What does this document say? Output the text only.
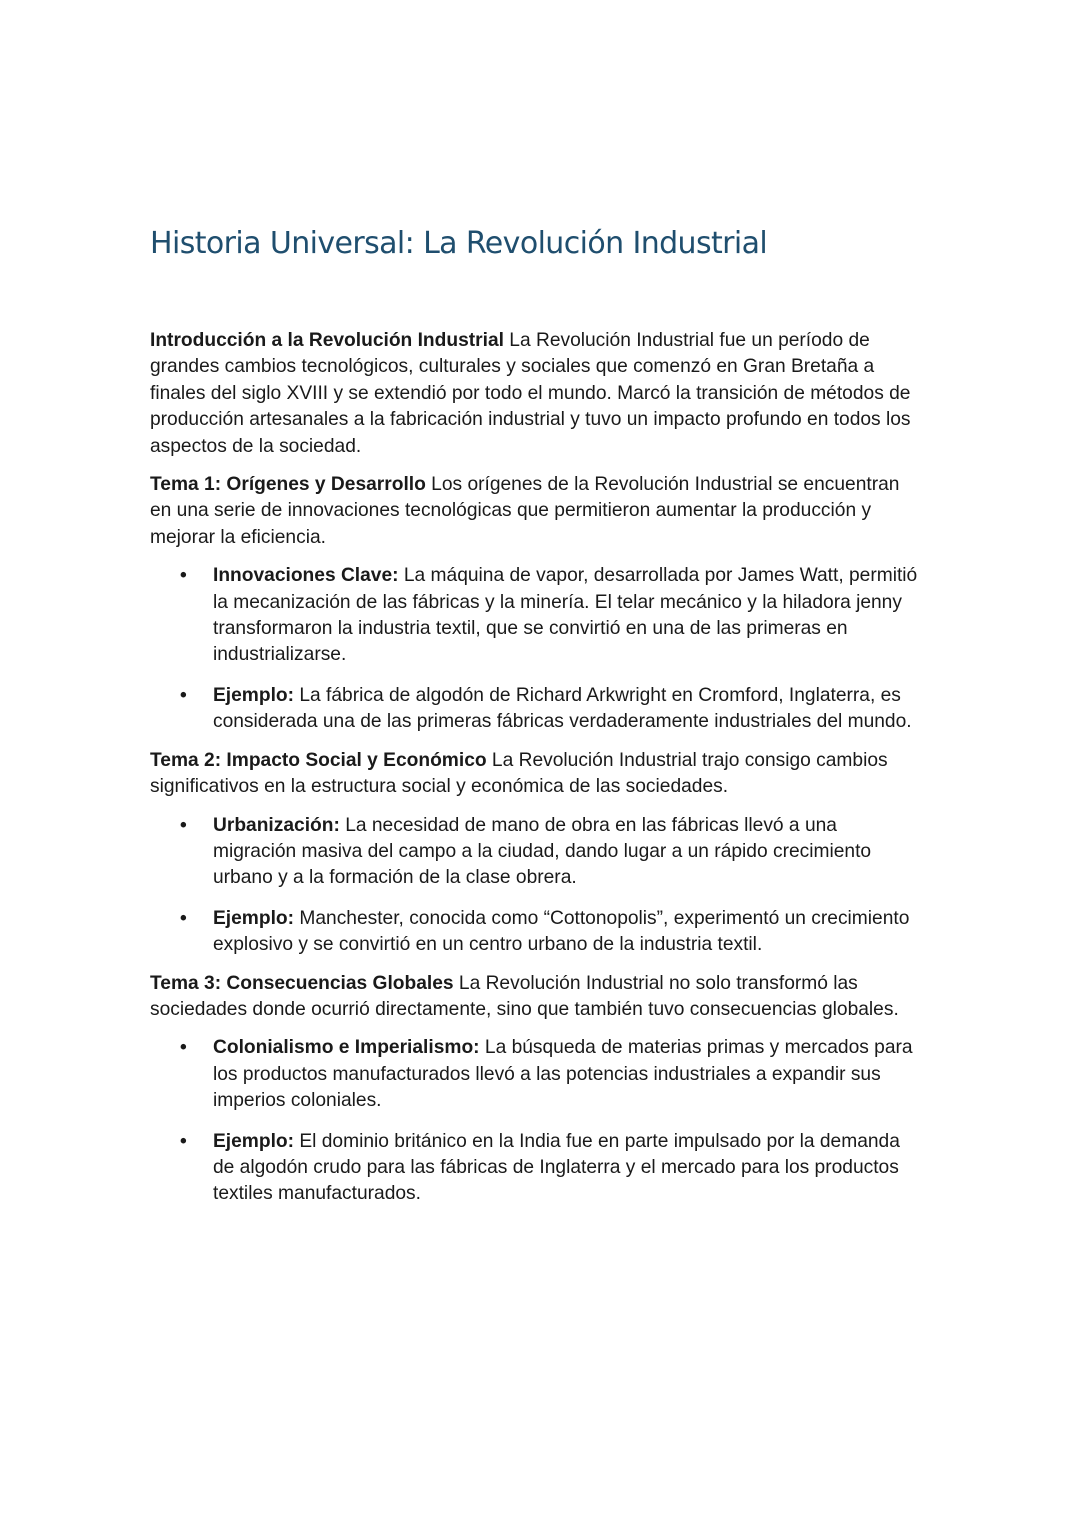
Historia Universal: La Revolución Industrial

Introducción a la Revolución Industrial La Revolución Industrial fue un período de grandes cambios tecnológicos, culturales y sociales que comenzó en Gran Bretaña a finales del siglo XVIII y se extendió por todo el mundo. Marcó la transición de métodos de producción artesanales a la fabricación industrial y tuvo un impacto profundo en todos los aspectos de la sociedad.

Tema 1: Orígenes y Desarrollo Los orígenes de la Revolución Industrial se encuentran en una serie de innovaciones tecnológicas que permitieron aumentar la producción y mejorar la eficiencia.

• Innovaciones Clave: La máquina de vapor, desarrollada por James Watt, permitió la mecanización de las fábricas y la minería. El telar mecánico y la hiladora jenny transformaron la industria textil, que se convirtió en una de las primeras en industrializarse.
• Ejemplo: La fábrica de algodón de Richard Arkwright en Cromford, Inglaterra, es considerada una de las primeras fábricas verdaderamente industriales del mundo.

Tema 2: Impacto Social y Económico La Revolución Industrial trajo consigo cambios significativos en la estructura social y económica de las sociedades.

• Urbanización: La necesidad de mano de obra en las fábricas llevó a una migración masiva del campo a la ciudad, dando lugar a un rápido crecimiento urbano y a la formación de la clase obrera.
• Ejemplo: Manchester, conocida como “Cottonopolis”, experimentó un crecimiento explosivo y se convirtió en un centro urbano de la industria textil.

Tema 3: Consecuencias Globales La Revolución Industrial no solo transformó las sociedades donde ocurrió directamente, sino que también tuvo consecuencias globales.

• Colonialismo e Imperialismo: La búsqueda de materias primas y mercados para los productos manufacturados llevó a las potencias industriales a expandir sus imperios coloniales.
• Ejemplo: El dominio británico en la India fue en parte impulsado por la demanda de algodón crudo para las fábricas de Inglaterra y el mercado para los productos textiles manufacturados.
